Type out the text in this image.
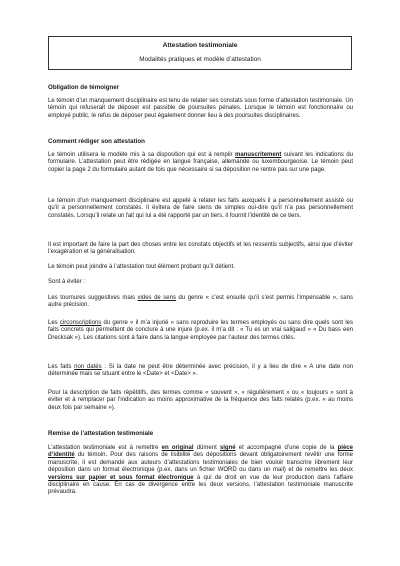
Attestation testimoniale
Modalités pratiques et modèle d’attestation
Obligation de témoigner
Le témoin d’un manquement disciplinaire est tenu de relater ses constats sous forme d’attestation testimoniale. Un témoin qui refuserait de déposer est passible de poursuites pénales. Lorsque le témoin est fonctionnaire ou employé public, le refus de déposer peut également donner lieu à des poursuites disciplinaires.
Comment rédiger son attestation
Le témoin utilisera le modèle mis à sa disposition qui est à remplir manuscritement suivant les indications du formulaire. L’attestation peut être rédigée en langue française, allemande ou luxembourgeoise. Le témoin peut copier la page 2 du formulaire autant de fois que nécessaire si sa déposition ne rentre pas sur une page.
Le témoin d’un manquement disciplinaire est appelé à relater les faits auxquels il a personnellement assisté ou qu’il a personnellement constatés. Il évitera de faire siens de simples oui-dire qu’il n’a pas personnellement constatés. Lorsqu’il relate un fait qui lui a été rapporté par un tiers, il fournit l’identité de ce tiers.
Il est important de faire la part des choses entre les constats objectifs et les ressentis subjectifs, ainsi que d’éviter l’exagération et la généralisation.
Le témoin peut joindre à l’attestation tout élément probant qu’il détient.
Sont à éviter :
Les tournures suggestives mais vides de sens du genre « c’est ensuite qu’il s’est permis l’impensable », sans autre précision.
Les circonscriptions du genre « il m’a injurié » sans reproduire les termes employés ou sans dire quels sont les faits concrets qui permettent de conclure à une injure (p.ex. il m’a dit : « Tu es un vrai saligaud » « Du bass een Drecksak »). Les citations sont à faire dans la langue employée par l’auteur des termes cités.
Les faits non datés : Si la date ne peut être déterminée avec précision, il y a lieu de dire « A une date non déterminée mais se situant entre le <Date> et <Date> ».
Pour la description de faits répétitifs, des termes comme « souvent », « régulièrement » ou « toujours » sont à éviter et à remplacer par l’indication au moins approximative de la fréquence des faits relatés (p.ex. « au moins deux fois par semaine »).
Remise de l’attestation testimoniale
L’attestation testimoniale est à remettre en original dûment signé et accompagné d’une copie de la pièce d’identité du témoin. Pour des raisons de lisibilité des dépositions devant obligatoirement revêtir une forme manuscrite, il est demandé aux auteurs d’attestations testimoniales de bien vouloir transcrire librement leur déposition dans un format électronique (p.ex. dans un fichier WORD ou dans un mail) et de remettre les deux versions sur papier et sous format électronique à qui de droit en vue de leur production dans l’affaire disciplinaire en cause. En cas de divergence entre les deux versions, l’attestation testimoniale manuscrite prévaudra.
